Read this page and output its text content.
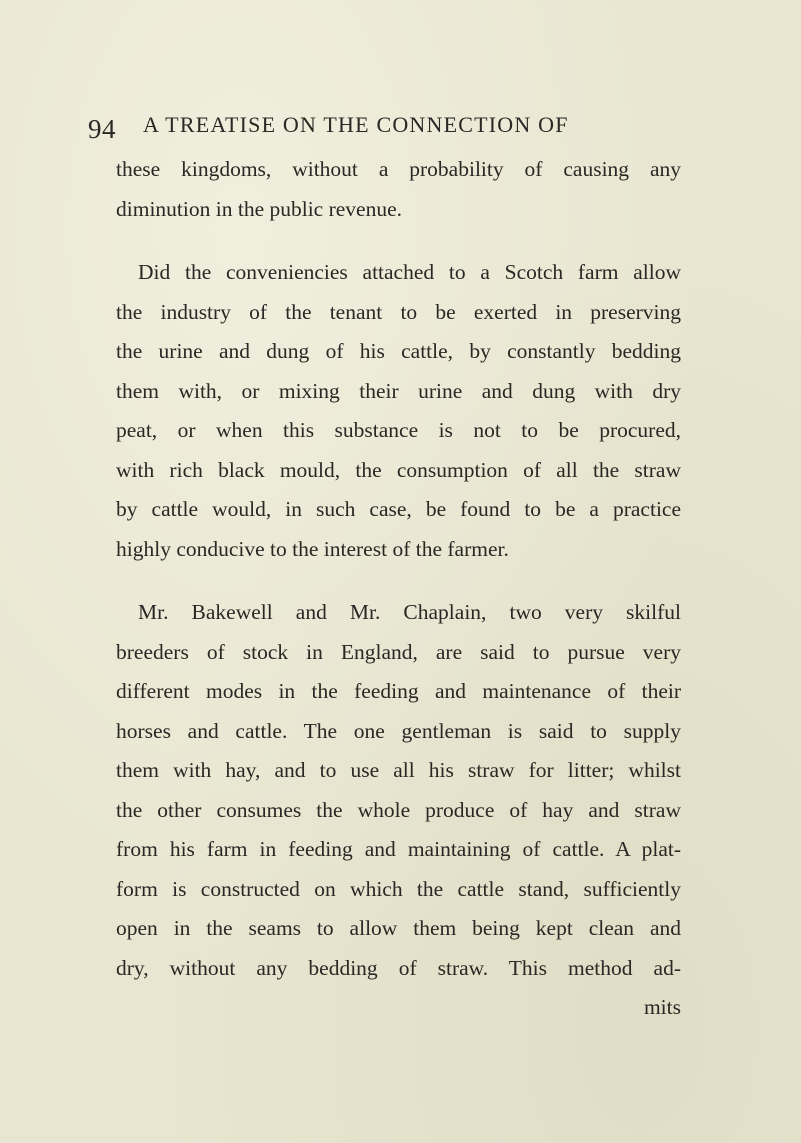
94 A TREATISE ON THE CONNECTION OF
these kingdoms, without a probability of causing any
diminution in the public revenue.
Did the conveniencies attached to a Scotch farm allow
the industry of the tenant to be exerted in preserving
the urine and dung of his cattle, by constantly bedding
them with, or mixing their urine and dung with dry
peat, or when this substance is not to be procured,
with rich black mould, the consumption of all the straw
by cattle would, in such case, be found to be a practice
highly conducive to the interest of the farmer.
Mr. Bakewell and Mr. Chaplain, two very skilful
breeders of stock in England, are said to pursue very
different modes in the feeding and maintenance of their
horses and cattle. The one gentleman is said to supply
them with hay, and to use all his straw for litter; whilst
the other consumes the whole produce of hay and straw
from his farm in feeding and maintaining of cattle. A plat-
form is constructed on which the cattle stand, sufficiently
open in the seams to allow them being kept clean and
dry, without any bedding of straw. This method ad-
mits
